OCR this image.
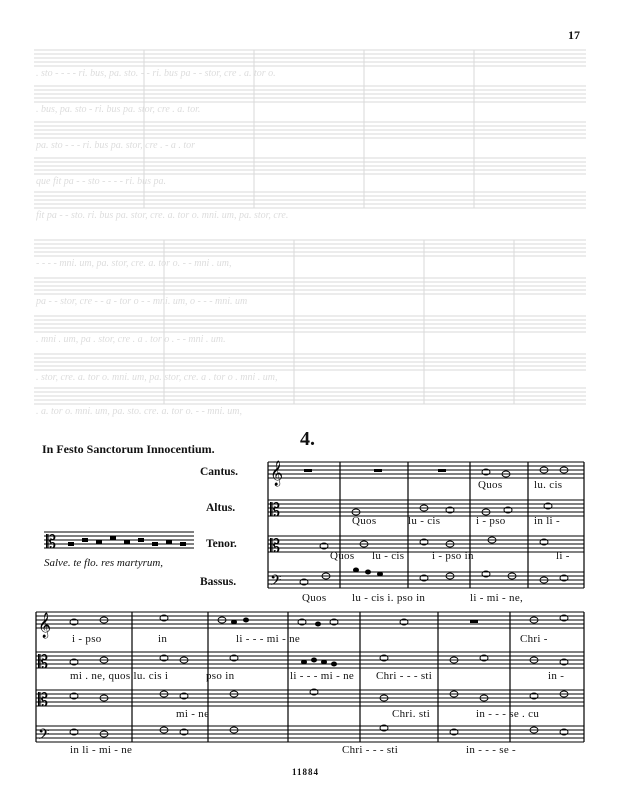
17
. sto - - - - ri. bus, pa. sto. - - ri. bus pa - - stor, cre . a. tor o.
. bus, pa. sto - ri. bus pa. stor, cre . a. tor.
pa. sto - - - ri. bus pa. stor, cre . - a . tor
que fit pa - - sto - - - - ri. bus pa.
fit pa - - sto. ri. bus pa. stor, cre. a. tor o. mni. um, pa. stor, cre.
- - - - mni. um, pa. stor, cre. a. tor o. - - mni . um,
pa - - stor, cre - - a - tor o - - mni. um, o - - - mni. um
. mni . um, pa . stor, cre . a . tor o . - - mni . um.
. stor, cre. a. tor o. mni. um, pa. stor, cre. a . tor o . mni . um,
. a. tor o. mni. um, pa. sto. cre. a. tor o. - - mni. um,
In Festo Sanctorum Innocentium.	4.
Cantus.
Altus.
Tenor.
Bassus.
𝄡
Salve. te flo. res martyrum,
𝄞
𝄡
𝄡
𝄢
Quos	lu. cis
Quos	lu - cis	i - pso	in li -
Quos lu - cis	i - pso in	li -
Quos lu - cis i. pso in	li - mi - ne,
𝄞
𝄡
𝄡
𝄢
i - pso	in	li - - - mi - ne	Chri -
mi . ne, quos lu. cis i	pso in	li - - - mi - ne Chri - - - sti	in -
mi - ne	Chri. sti	in - - - se . cu
in li - mi - ne	Chri - - - sti	in - - - se -
11884
